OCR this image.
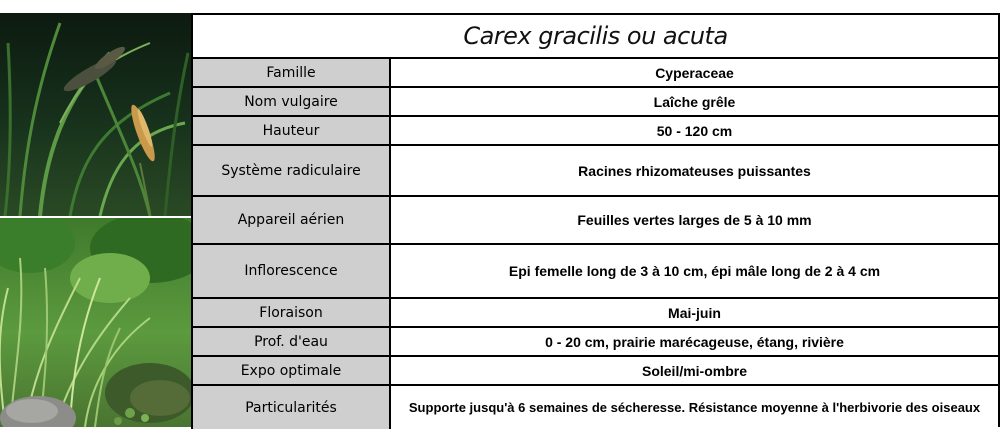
Carex gracilis ou acuta	
Famille	Cyperaceae
Nom vulgaire	Laîche grêle
Hauteur	50 - 120 cm
Système radiculaire	Racines rhizomateuses puissantes
Appareil aérien	Feuilles vertes larges de 5 à 10 mm
Inflorescence	Epi femelle long de 3 à 10 cm, épi mâle long de 2 à 4 cm
Floraison	Mai-juin
Prof. d'eau	0 - 20 cm, prairie marécageuse, étang, rivière
Expo optimale	Soleil/mi-ombre
Particularités	Supporte jusqu'à 6 semaines de sécheresse. Résistance moyenne à l'herbivorie des oiseaux
